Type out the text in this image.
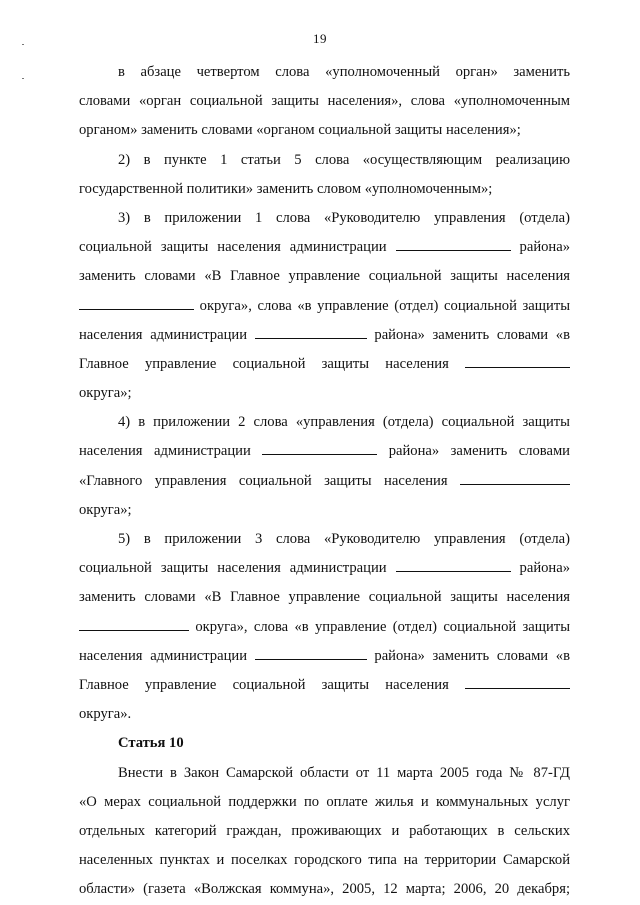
19
в абзаце четвертом слова «уполномоченный орган» заменить
словами «орган социальной защиты населения», слова «уполномоченным
органом» заменить словами «органом социальной защиты населения»;
2) в пункте 1 статьи 5 слова «осуществляющим реализацию
государственной политики» заменить словом «уполномоченным»;
3) в приложении 1 слова «Руководителю управления (отдела)
социальной защиты населения администрации	района»
заменить словами «В Главное управление социальной защиты населения
округа», слова «в управление (отдел) социальной защиты
населения администрации	района» заменить словами «в
Главное управление социальной защиты населения
округа»;
4) в приложении 2 слова «управления (отдела) социальной защиты
населения администрации	района» заменить словами
«Главного управления социальной защиты населения
округа»;
5) в приложении 3 слова «Руководителю управления (отдела)
социальной защиты населения администрации	района»
заменить словами «В Главное управление социальной защиты населения
округа», слова «в управление (отдел) социальной защиты
населения администрации	района» заменить словами «в
Главное управление социальной защиты населения
округа».
Статья 10
Внести в Закон Самарской области от 11 марта 2005 года № 87-ГД
«О мерах социальной поддержки по оплате жилья и коммунальных услуг
отдельных категорий граждан, проживающих и работающих в сельских
населенных пунктах и поселках городского типа на территории Самарской
области» (газета «Волжская коммуна», 2005, 12 марта; 2006, 20 декабря;
